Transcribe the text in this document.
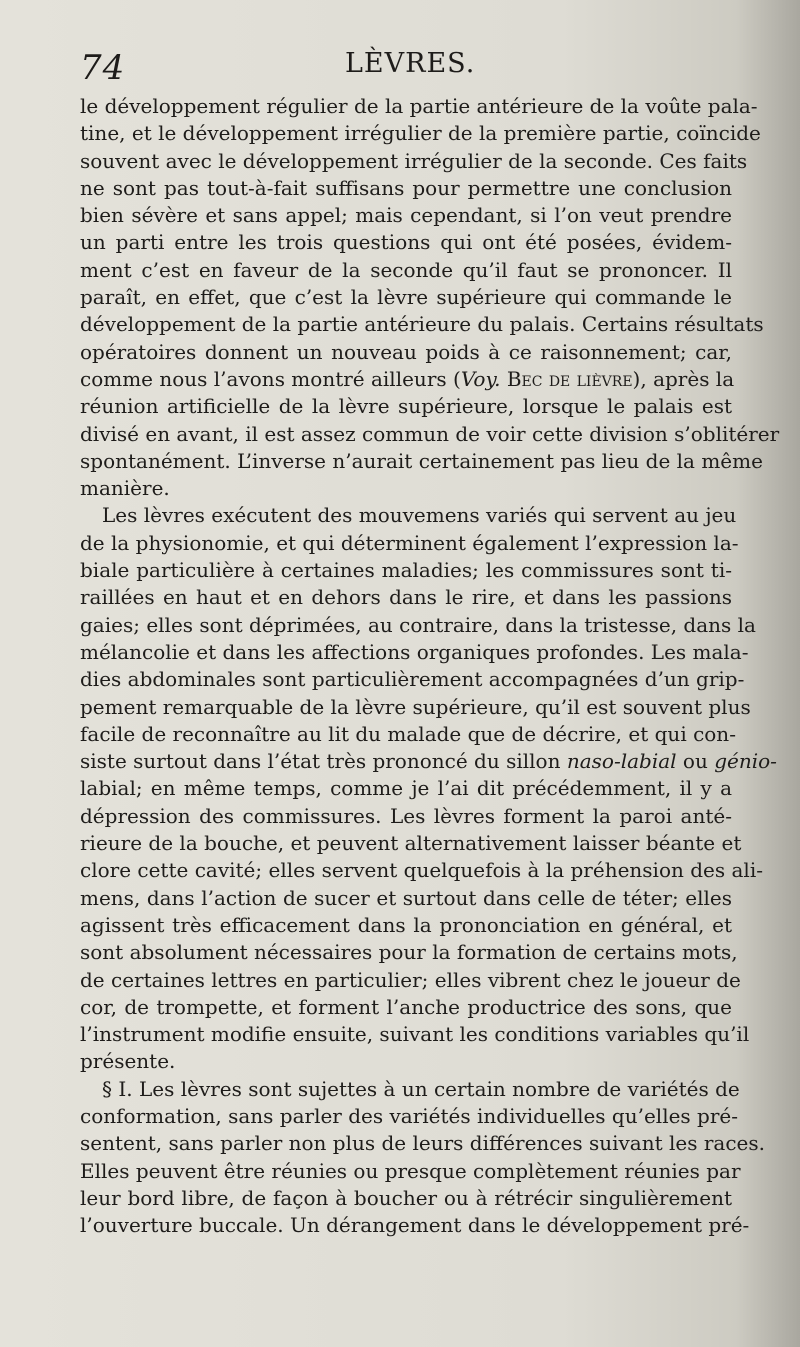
74	LÈVRES.
le développement régulier de la partie antérieure de la voûte pala-
tine, et le développement irrégulier de la première partie, coïncide
souvent avec le développement irrégulier de la seconde. Ces faits
ne sont pas tout-à-fait suffisans pour permettre une conclusion
bien sévère et sans appel; mais cependant, si l’on veut prendre
un parti entre les trois questions qui ont été posées, évidem-
ment c’est en faveur de la seconde qu’il faut se prononcer. Il
paraît, en effet, que c’est la lèvre supérieure qui commande le
développement de la partie antérieure du palais. Certains résultats
opératoires donnent un nouveau poids à ce raisonnement; car,
comme nous l’avons montré ailleurs (Voy. Bec de lièvre), après la
réunion artificielle de la lèvre supérieure, lorsque le palais est
divisé en avant, il est assez commun de voir cette division s’oblitérer
spontanément. L’inverse n’aurait certainement pas lieu de la même
manière.
Les lèvres exécutent des mouvemens variés qui servent au jeu
de la physionomie, et qui déterminent également l’expression la-
biale particulière à certaines maladies; les commissures sont ti-
raillées en haut et en dehors dans le rire, et dans les passions
gaies; elles sont déprimées, au contraire, dans la tristesse, dans la
mélancolie et dans les affections organiques profondes. Les mala-
dies abdominales sont particulièrement accompagnées d’un grip-
pement remarquable de la lèvre supérieure, qu’il est souvent plus
facile de reconnaître au lit du malade que de décrire, et qui con-
siste surtout dans l’état très prononcé du sillon naso-labial ou génio-
labial; en même temps, comme je l’ai dit précédemment, il y a
dépression des commissures. Les lèvres forment la paroi anté-
rieure de la bouche, et peuvent alternativement laisser béante et
clore cette cavité; elles servent quelquefois à la préhension des ali-
mens, dans l’action de sucer et surtout dans celle de téter; elles
agissent très efficacement dans la prononciation en général, et
sont absolument nécessaires pour la formation de certains mots,
de certaines lettres en particulier; elles vibrent chez le joueur de
cor, de trompette, et forment l’anche productrice des sons, que
l’instrument modifie ensuite, suivant les conditions variables qu’il
présente.
§ I. Les lèvres sont sujettes à un certain nombre de variétés de
conformation, sans parler des variétés individuelles qu’elles pré-
sentent, sans parler non plus de leurs différences suivant les races.
Elles peuvent être réunies ou presque complètement réunies par
leur bord libre, de façon à boucher ou à rétrécir singulièrement
l’ouverture buccale. Un dérangement dans le développement pré-
